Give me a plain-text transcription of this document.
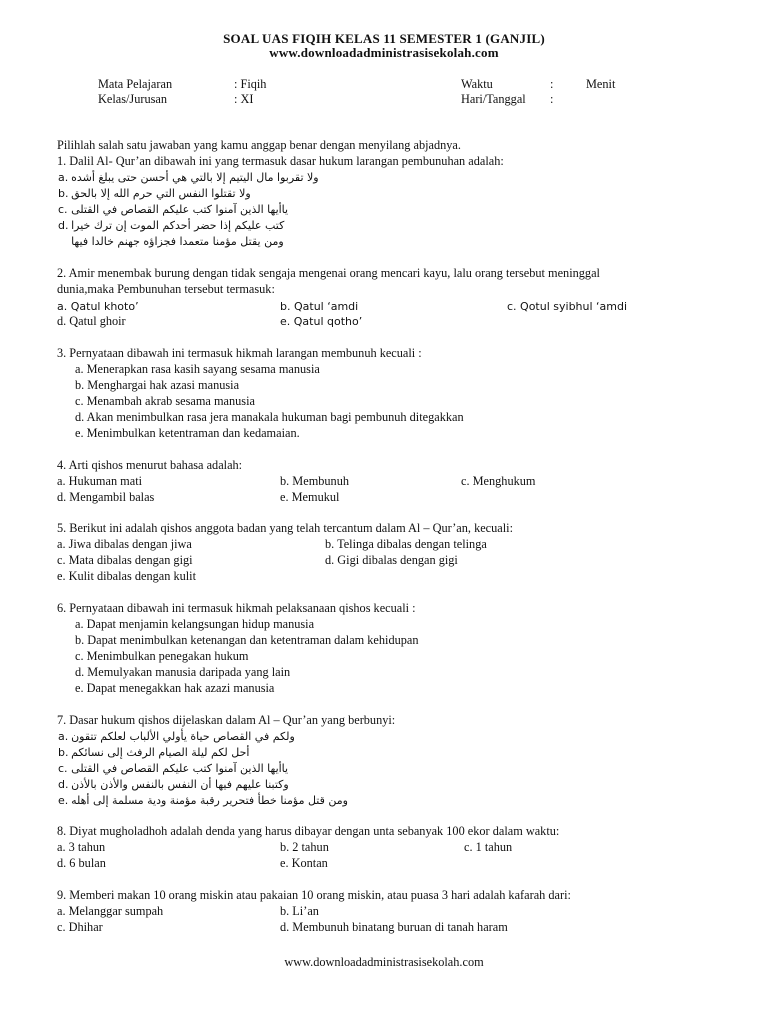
SOAL UAS FIQIH KELAS 11 SEMESTER 1 (GANJIL)
www.downloadadministrasisekolah.com
Mata Pelajaran	: Fiqih	Waktu	:	Menit
Kelas/Jurusan	: XI	Hari/Tanggal :
Pilihlah salah satu jawaban yang kamu anggap benar dengan menyilang abjadnya.
1. Dalil Al- Qur’an dibawah ini yang termasuk dasar hukum larangan pembunuhan adalah:
a. ولا تقربوا مال اليتيم إلا بالتي هي أحسن حتى يبلغ أشده
b. ولا تقتلوا النفس التي حرم الله إلا بالحق
c. ياأيها الذين آمنوا كتب عليكم القصاص في القتلى
d. كتب عليكم إذا حضر أحدكم الموت إن ترك خيرا
ومن يقتل مؤمنا متعمدا فجزاؤه جهنم خالدا فيها
2. Amir menembak burung dengan tidak sengaja mengenai orang mencari kayu, lalu orang tersebut meninggal
dunia,maka Pembunuhan tersebut termasuk:
a. Qatul khoto’	b. Qatul ‘amdi	c. Qotul syibhul ‘amdi
d. Qatul ghoir	e. Qatul qotho’
3. Pernyataan dibawah ini termasuk hikmah larangan membunuh kecuali :
a. Menerapkan rasa kasih sayang sesama manusia
b. Menghargai hak azasi manusia
c. Menambah akrab sesama manusia
d. Akan menimbulkan rasa jera manakala hukuman bagi pembunuh ditegakkan
e. Menimbulkan ketentraman dan kedamaian.
4. Arti qishos menurut bahasa adalah:
a. Hukuman mati	b. Membunuh	c. Menghukum
d. Mengambil balas	e. Memukul
5. Berikut ini adalah qishos anggota badan yang telah tercantum dalam Al – Qur’an, kecuali:
a. Jiwa dibalas dengan jiwa	b. Telinga dibalas dengan telinga
c. Mata dibalas dengan gigi	d. Gigi dibalas dengan gigi
e. Kulit dibalas dengan kulit
6. Pernyataan dibawah ini termasuk hikmah pelaksanaan qishos kecuali :
a. Dapat menjamin kelangsungan hidup manusia
b. Dapat menimbulkan ketenangan dan ketentraman dalam kehidupan
c. Menimbulkan penegakan hukum
d. Memulyakan manusia daripada yang lain
e. Dapat menegakkan hak azazi manusia
7. Dasar hukum qishos dijelaskan dalam Al – Qur’an yang berbunyi:
a. ولكم في القصاص حياة يأولي الألباب لعلكم تتقون
b. أحل لكم ليلة الصيام الرفث إلى نسائكم
c. ياأيها الذين آمنوا كتب عليكم القصاص في القتلى
d. وكتبنا عليهم فيها أن النفس بالنفس والأذن بالأذن
e. ومن قتل مؤمنا خطأ فتحرير رقبة مؤمنة ودية مسلمة إلى أهله
8. Diyat mugholadhoh adalah denda yang harus dibayar dengan unta sebanyak 100 ekor dalam waktu:
a. 3 tahun	b. 2 tahun	c. 1 tahun
d. 6 bulan	e. Kontan
9. Memberi makan 10 orang miskin atau pakaian 10 orang miskin, atau puasa 3 hari adalah kafarah dari:
a. Melanggar sumpah	b. Li’an
c. Dhihar	d. Membunuh binatang buruan di tanah haram
www.downloadadministrasisekolah.com
